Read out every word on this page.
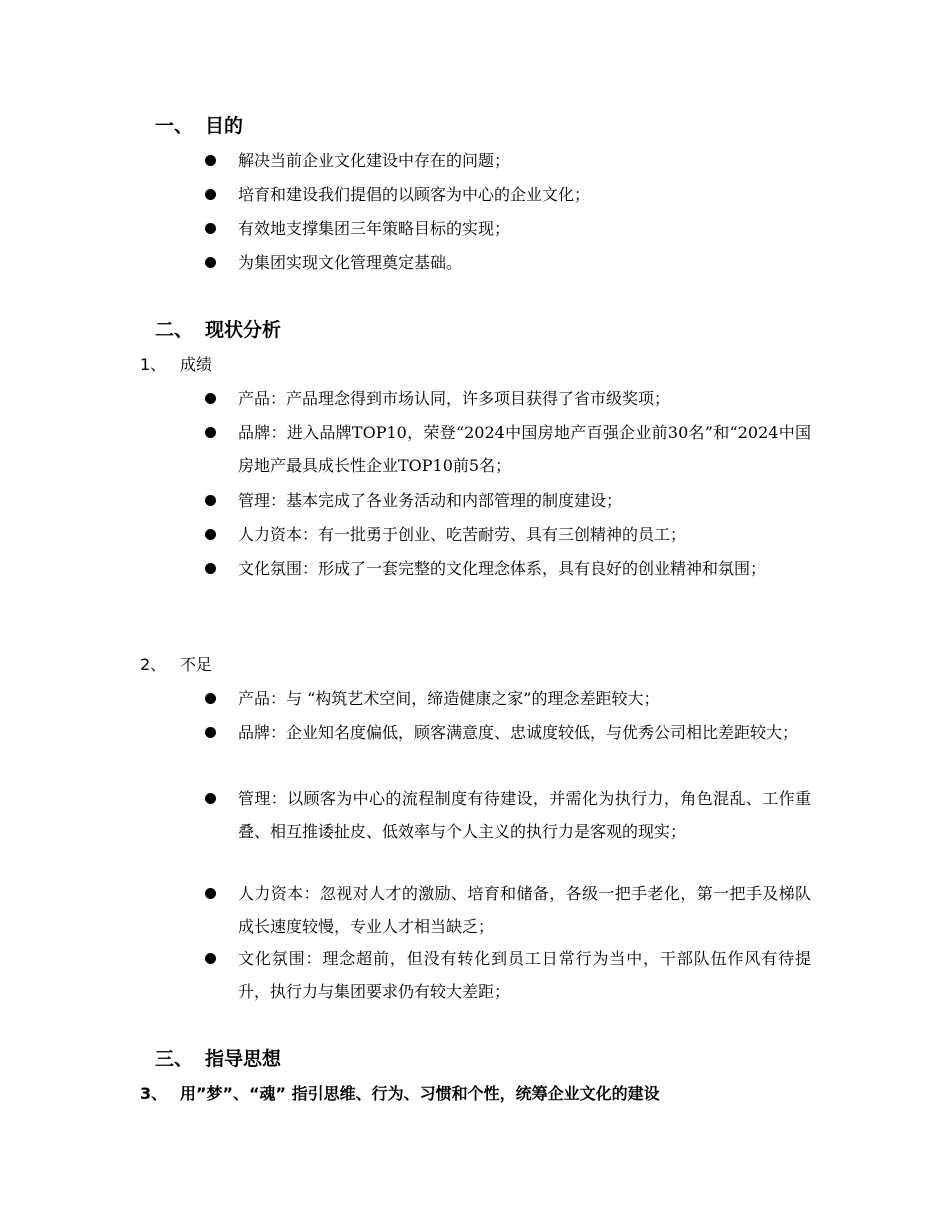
一、 目的
解决当前企业文化建设中存在的问题；
培育和建设我们提倡的以顾客为中心的企业文化；
有效地支撑集团三年策略目标的实现；
为集团实现文化管理奠定基础。
二、 现状分析
1、 成绩
产品：产品理念得到市场认同，许多项目获得了省市级奖项；
品牌：进入品牌TOP10，荣登“2024中国房地产百强企业前30名”和“2024中国房地产最具成长性企业TOP10前5名；
管理：基本完成了各业务活动和内部管理的制度建设；
人力资本：有一批勇于创业、吃苦耐劳、具有三创精神的员工；
文化氛围：形成了一套完整的文化理念体系，具有良好的创业精神和氛围；
2、 不足
产品：与 “构筑艺术空间，缔造健康之家”的理念差距较大；
品牌：企业知名度偏低，顾客满意度、忠诚度较低，与优秀公司相比差距较大；
管理：以顾客为中心的流程制度有待建设，并需化为执行力，角色混乱、工作重叠、相互推诿扯皮、低效率与个人主义的执行力是客观的现实；
人力资本：忽视对人才的激励、培育和储备，各级一把手老化，第一把手及梯队成长速度较慢，专业人才相当缺乏；
文化氛围：理念超前，但没有转化到员工日常行为当中，干部队伍作风有待提升，执行力与集团要求仍有较大差距；
三、 指导思想
3、 用”梦”、“魂” 指引思维、行为、习惯和个性，统筹企业文化的建设
